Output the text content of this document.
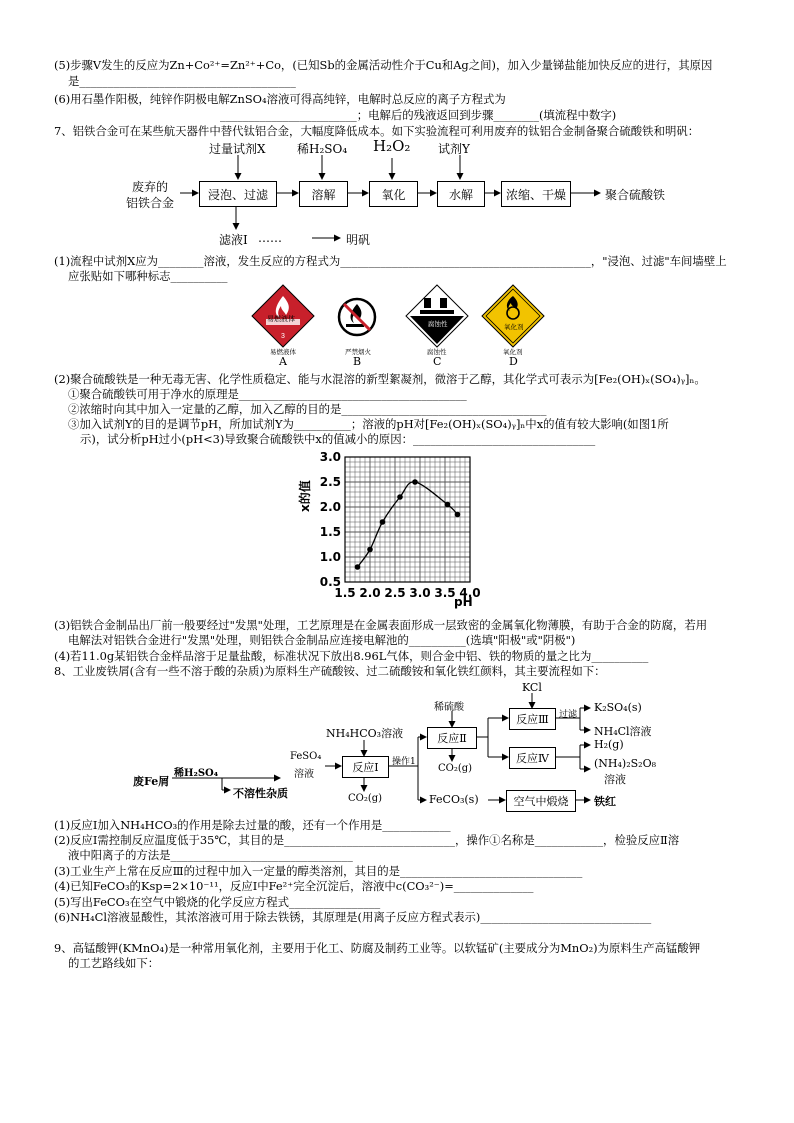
(5)步骤Ⅴ发生的反应为Zn+Co²⁺=Zn²⁺+Co，(已知Sb的金属活动性介于Cu和Ag之间)，加入少量锑盐能加快反应的进行，其原因
是______________________________________
(6)用石墨作阳极，纯锌作阴极电解ZnSO₄溶液可得高纯锌，电解时总反应的离子方程式为
________________________；电解后的残液返回到步骤________(填流程中数字)
7、铝铁合金可在某些航天器件中替代钛铝合金，大幅度降低成本。如下实验流程可利用废弃的钛铝合金制备聚合硫酸铁和明矾：
废弃的
铝铁合金
浸泡、过滤	溶解	氧化	水解	浓缩、干燥	聚合硫酸铁
过量试剂X	稀H₂SO₄ H₂O₂ 试剂Y
滤液Ⅰ ……	明矾
(1)流程中试剂X应为________溶液，发生反应的方程式为____________________________________________，"浸泡、过滤"车间墙壁上
应张贴如下哪种标志__________
3
易燃液体
腐蚀性	氧化剂
易燃液体	严禁烟火	腐蚀性	氧化剂
A	B	C	D
(2)聚合硫酸铁是一种无毒无害、化学性质稳定、能与水混溶的新型絮凝剂，微溶于乙醇，其化学式可表示为[Fe₂(OH)ₓ(SO₄)ᵧ]ₙ。
①聚合硫酸铁可用于净水的原理是________________________________________
②浓缩时向其中加入一定量的乙醇，加入乙醇的目的是____________________________________
③加入试剂Y的目的是调节pH，所加试剂Y为__________；溶液的pH对[Fe₂(OH)ₓ(SO₄)ᵧ]ₙ中x的值有较大影响(如图1所
示)，试分析pH过小(pH<3)导致聚合硫酸铁中x的值减小的原因：________________________________
1.5 2.0 2.5 3.0 3.5 4.0
3.0
2.5
2.0
1.5
1.0
0.5
pH
x的值
(3)铝铁合金制品出厂前一般要经过"发黑"处理，工艺原理是在金属表面形成一层致密的金属氧化物薄膜，有助于合金的防腐，若用
电解法对铝铁合金进行"发黑"处理，则铝铁合金制品应连接电解池的__________(选填"阳极"或"阴极")
(4)若11.0g某铝铁合金样品溶于足量盐酸，标准状况下放出8.96L气体，则合金中铝、铁的物质的量之比为__________
8、工业废铁屑(含有一些不溶于酸的杂质)为原料生产硫酸铵、过二硫酸铵和氧化铁红颜料，其主要流程如下：
废Fe屑
稀H₂SO₄
不溶性杂质
FeSO₄
溶液
NH₄HCO₃溶液
反应Ⅰ
CO₂(g)
操作1
反应Ⅱ
稀硫酸
CO₂(g)
KCl
反应Ⅲ	过滤
K₂SO₄(s)
NH₄Cl溶液
反应Ⅳ
H₂(g)
(NH₄)₂S₂O₈
溶液
FeCO₃(s)	空气中煅烧	铁红
(1)反应Ⅰ加入NH₄HCO₃的作用是除去过量的酸，还有一个作用是____________
(2)反应Ⅰ需控制反应温度低于35℃，其目的是______________________________，操作①名称是____________，检验反应Ⅱ溶
液中阳离子的方法是________________________________
(3)工业生产上常在反应Ⅲ的过程中加入一定量的醇类溶剂，其目的是________________________________
(4)已知FeCO₃的Ksp=2×10⁻¹¹，反应Ⅰ中Fe²⁺完全沉淀后，溶液中c(CO₃²⁻)=______________
(5)写出FeCO₃在空气中锻烧的化学反应方程式________________
(6)NH₄Cl溶液显酸性，其浓溶液可用于除去铁锈，其原理是(用离子反应方程式表示)______________________________
9、高锰酸钾(KMnO₄)是一种常用氧化剂，主要用于化工、防腐及制药工业等。以软锰矿(主要成分为MnO₂)为原料生产高锰酸钾
的工艺路线如下：
